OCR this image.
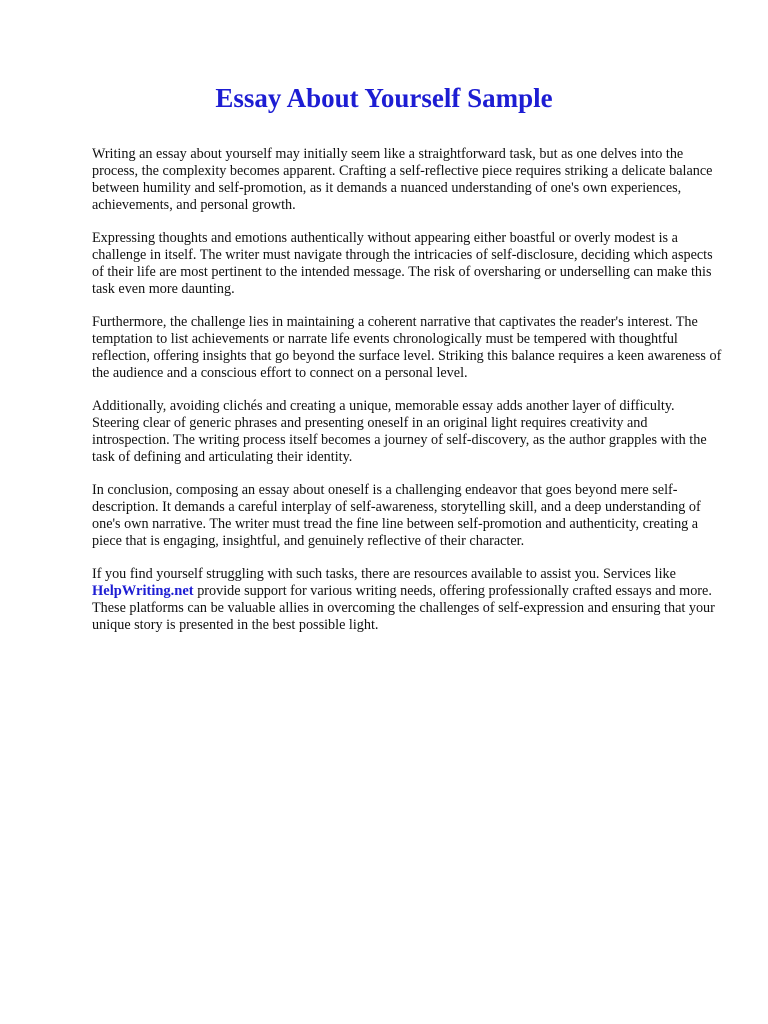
Essay About Yourself Sample

Writing an essay about yourself may initially seem like a straightforward task, but as one delves into the process, the complexity becomes apparent. Crafting a self-reflective piece requires striking a delicate balance between humility and self-promotion, as it demands a nuanced understanding of one's own experiences, achievements, and personal growth.

Expressing thoughts and emotions authentically without appearing either boastful or overly modest is a challenge in itself. The writer must navigate through the intricacies of self-disclosure, deciding which aspects of their life are most pertinent to the intended message. The risk of oversharing or underselling can make this task even more daunting.

Furthermore, the challenge lies in maintaining a coherent narrative that captivates the reader's interest. The temptation to list achievements or narrate life events chronologically must be tempered with thoughtful reflection, offering insights that go beyond the surface level. Striking this balance requires a keen awareness of the audience and a conscious effort to connect on a personal level.

Additionally, avoiding clichés and creating a unique, memorable essay adds another layer of difficulty. Steering clear of generic phrases and presenting oneself in an original light requires creativity and introspection. The writing process itself becomes a journey of self-discovery, as the author grapples with the task of defining and articulating their identity.

In conclusion, composing an essay about oneself is a challenging endeavor that goes beyond mere self-description. It demands a careful interplay of self-awareness, storytelling skill, and a deep understanding of one's own narrative. The writer must tread the fine line between self-promotion and authenticity, creating a piece that is engaging, insightful, and genuinely reflective of their character.

If you find yourself struggling with such tasks, there are resources available to assist you. Services like HelpWriting.net provide support for various writing needs, offering professionally crafted essays and more. These platforms can be valuable allies in overcoming the challenges of self-expression and ensuring that your unique story is presented in the best possible light.
